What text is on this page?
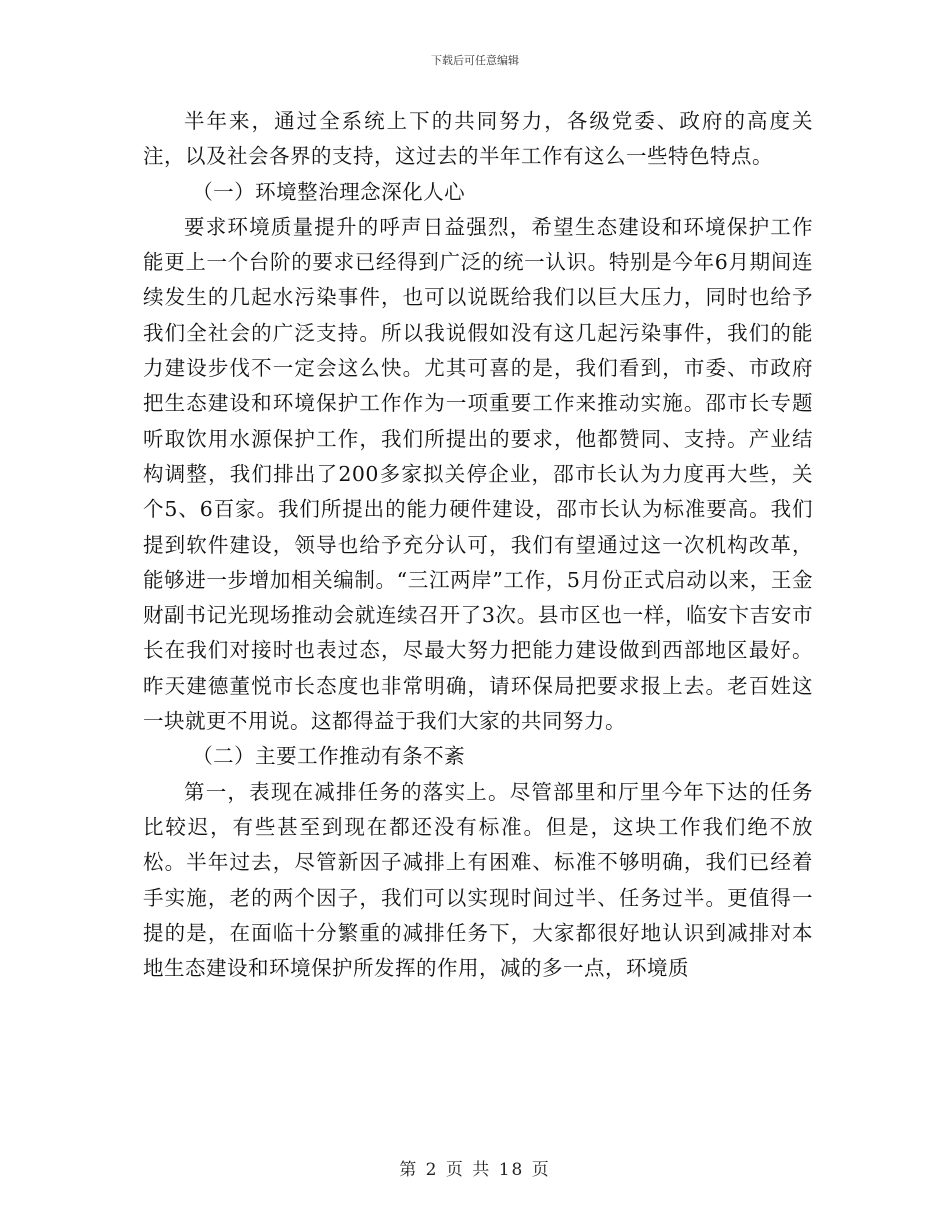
下载后可任意编辑

半年来，通过全系统上下的共同努力，各级党委、政府的高度关注，以及社会各界的支持，这过去的半年工作有这么一些特色特点。

（一）环境整治理念深化人心

要求环境质量提升的呼声日益强烈，希望生态建设和环境保护工作能更上一个台阶的要求已经得到广泛的统一认识。特别是今年6月期间连续发生的几起水污染事件，也可以说既给我们以巨大压力，同时也给予我们全社会的广泛支持。所以我说假如没有这几起污染事件，我们的能力建设步伐不一定会这么快。尤其可喜的是，我们看到，市委、市政府把生态建设和环境保护工作作为一项重要工作来推动实施。邵市长专题听取饮用水源保护工作，我们所提出的要求，他都赞同、支持。产业结构调整，我们排出了200多家拟关停企业，邵市长认为力度再大些，关个5、6百家。我们所提出的能力硬件建设，邵市长认为标准要高。我们提到软件建设，领导也给予充分认可，我们有望通过这一次机构改革，能够进一步增加相关编制。“三江两岸”工作，5月份正式启动以来，王金财副书记光现场推动会就连续召开了3次。县市区也一样，临安卞吉安市长在我们对接时也表过态，尽最大努力把能力建设做到西部地区最好。昨天建德董悦市长态度也非常明确，请环保局把要求报上去。老百姓这一块就更不用说。这都得益于我们大家的共同努力。

（二）主要工作推动有条不紊

第一，表现在减排任务的落实上。尽管部里和厅里今年下达的任务比较迟，有些甚至到现在都还没有标准。但是，这块工作我们绝不放松。半年过去，尽管新因子减排上有困难、标准不够明确，我们已经着手实施，老的两个因子，我们可以实现时间过半、任务过半。更值得一提的是，在面临十分繁重的减排任务下，大家都很好地认识到减排对本地生态建设和环境保护所发挥的作用，减的多一点，环境质

第 2 页 共 18 页
